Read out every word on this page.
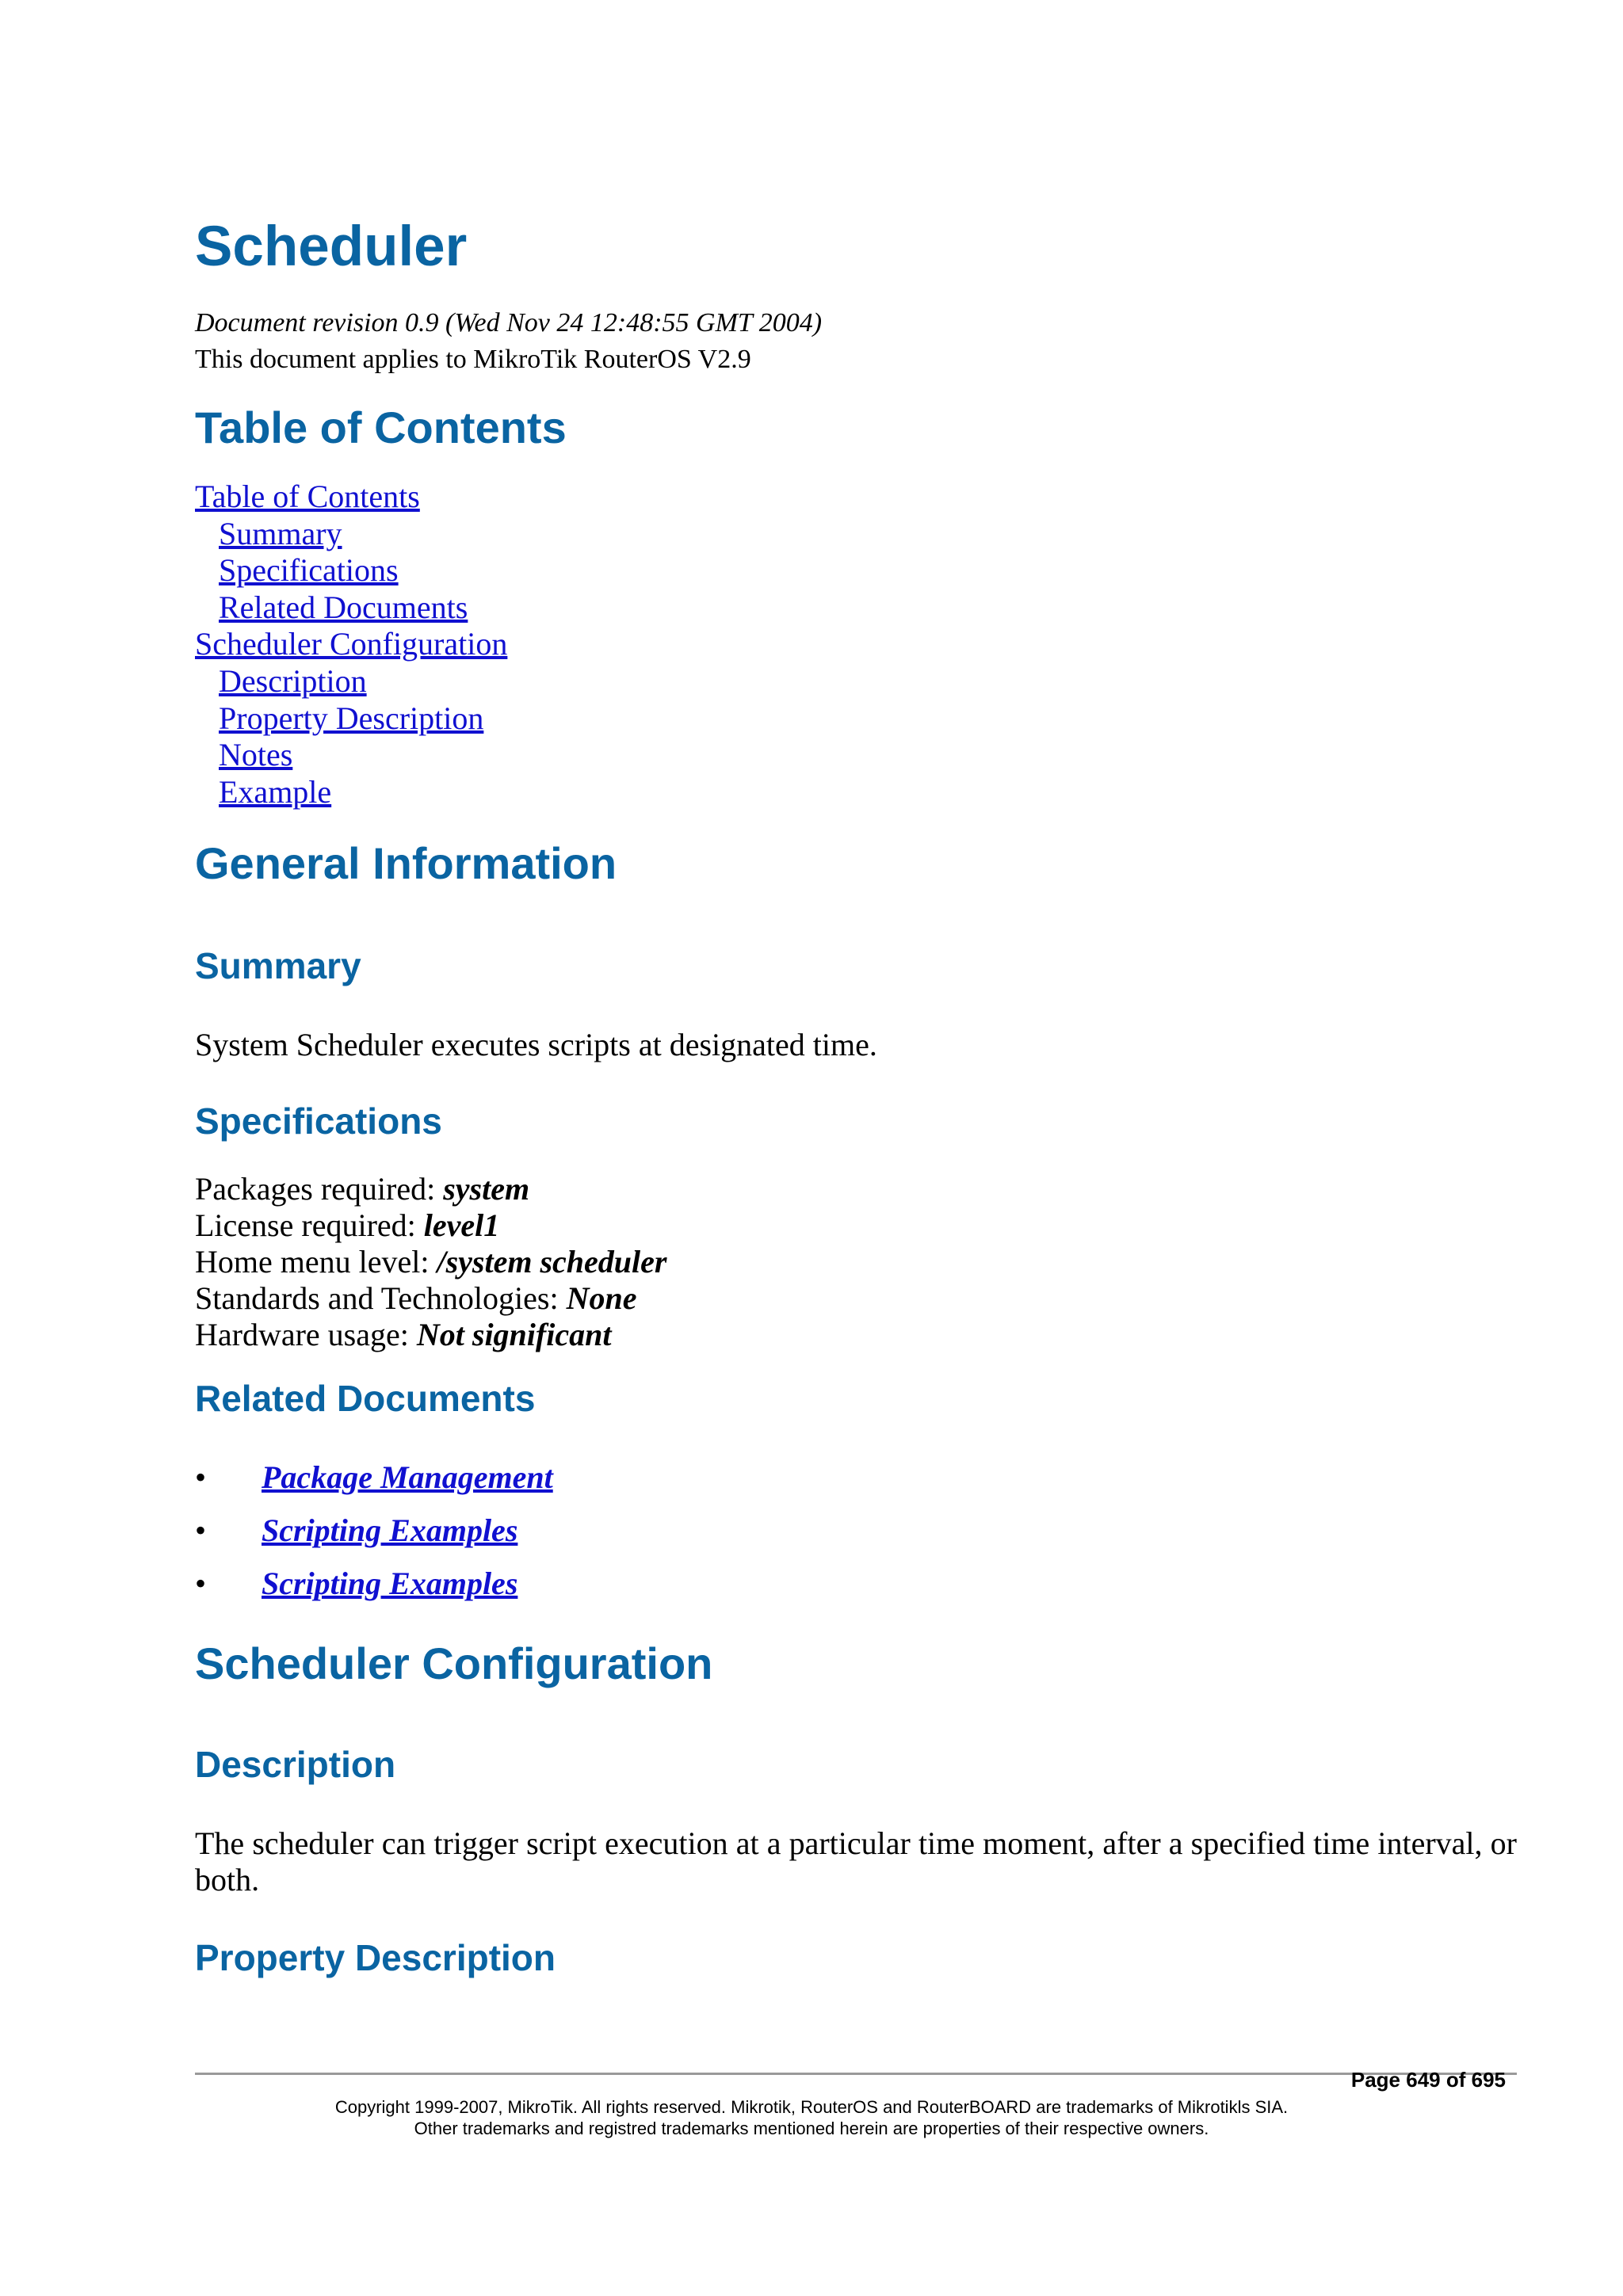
Scheduler
Document revision 0.9 (Wed Nov 24 12:48:55 GMT 2004)
This document applies to MikroTik RouterOS V2.9
Table of Contents
Table of Contents
Summary
Specifications
Related Documents
Scheduler Configuration
Description
Property Description
Notes
Example
General Information
Summary

System Scheduler executes scripts at designated time.

Specifications
Packages required: system
License required: level1
Home menu level: /system scheduler
Standards and Technologies: None
Hardware usage: Not significant
Related Documents
• Package Management
• Scripting Examples
• Scripting Examples
Scheduler Configuration
Description

The scheduler can trigger script execution at a particular time moment, after a specified time interval, or both.

Property Description
Page 649 of 695
Copyright 1999-2007, MikroTik. All rights reserved. Mikrotik, RouterOS and RouterBOARD are trademarks of Mikrotikls SIA.
Other trademarks and registred trademarks mentioned herein are properties of their respective owners.
